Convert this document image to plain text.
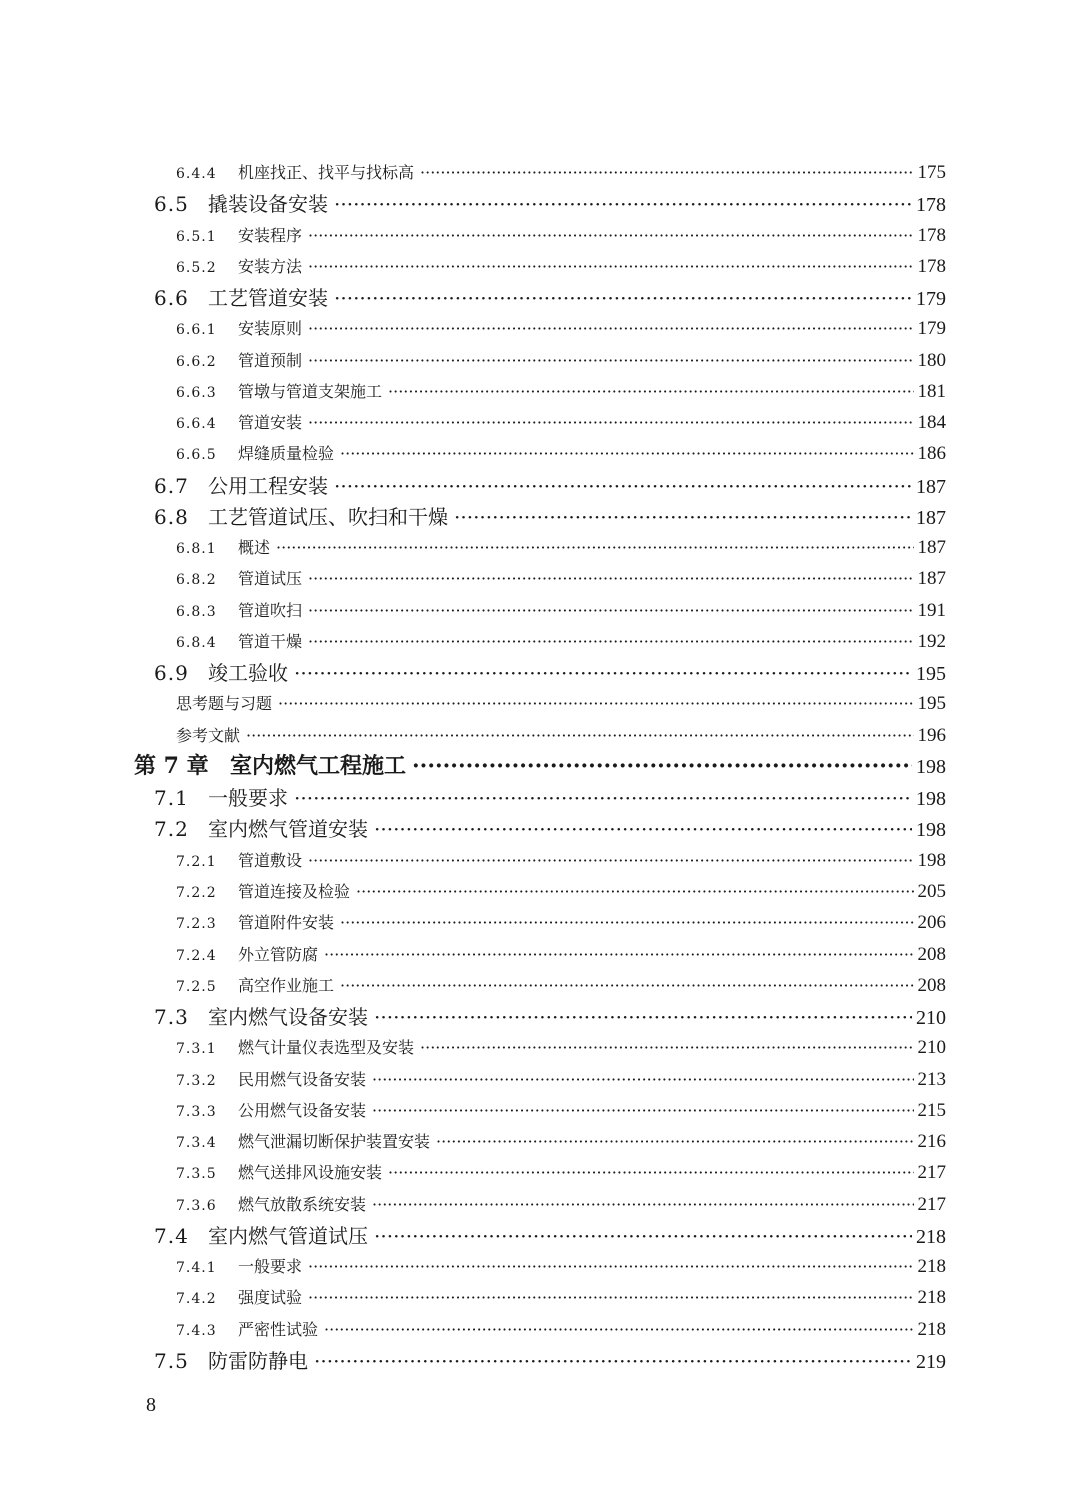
6.4.4	机座找正、找平与找标高 ·····	175
6.5 撬装设备安装 ·····	178
6.5.1	安装程序 ·····	178
6.5.2	安装方法 ·····	178
6.6 工艺管道安装 ·····	179
6.6.1	安装原则 ·····	179
6.6.2	管道预制 ·····	180
6.6.3	管墩与管道支架施工 ·····	181
6.6.4	管道安装 ·····	184
6.6.5	焊缝质量检验 ·····	186
6.7 公用工程安装 ·····	187
6.8 工艺管道试压、吹扫和干燥 ·····	187
6.8.1	概述 ·····	187
6.8.2	管道试压 ·····	187
6.8.3	管道吹扫 ·····	191
6.8.4	管道干燥 ·····	192
6.9 竣工验收 ·····	195
思考题与习题 ·····	195
参考文献 ·····	196
第 7 章 室内燃气工程施工 ·····	198
7.1 一般要求 ·····	198
7.2 室内燃气管道安装 ·····	198
7.2.1	管道敷设 ·····	198
7.2.2	管道连接及检验 ·····	205
7.2.3	管道附件安装 ·····	206
7.2.4	外立管防腐 ·····	208
7.2.5	高空作业施工 ·····	208
7.3 室内燃气设备安装 ·····	210
7.3.1	燃气计量仪表选型及安装 ·····	210
7.3.2	民用燃气设备安装 ·····	213
7.3.3	公用燃气设备安装 ·····	215
7.3.4	燃气泄漏切断保护装置安装 ·····	216
7.3.5	燃气送排风设施安装 ·····	217
7.3.6	燃气放散系统安装 ·····	217
7.4 室内燃气管道试压 ·····	218
7.4.1	一般要求 ·····	218
7.4.2	强度试验 ·····	218
7.4.3	严密性试验 ·····	218
7.5 防雷防静电 ·····	219
8
